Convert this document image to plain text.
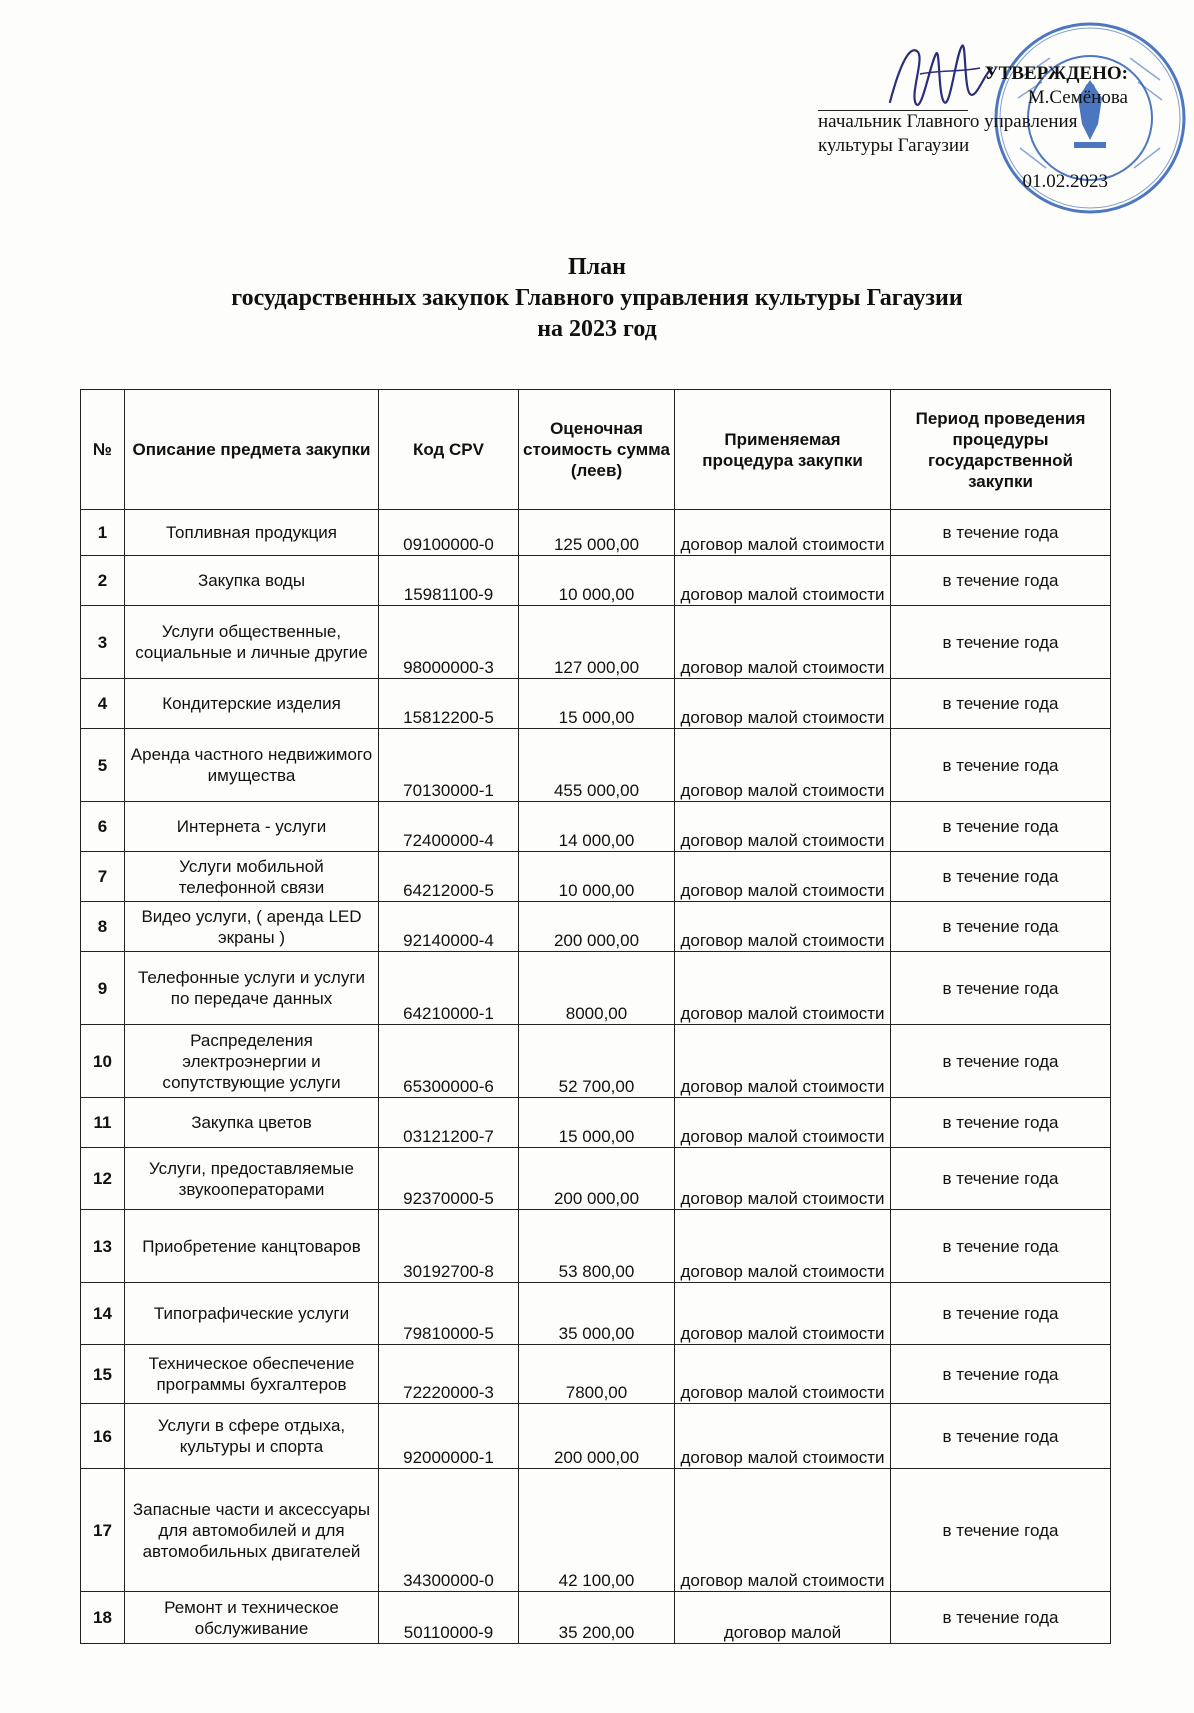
УТВЕРЖДЕНО:
М.Семёнова
начальник Главного управления
культуры Гагаузии
01.02.2023
План
государственных закупок Главного управления культуры Гагаузии
на 2023 год
№	Описание предмета закупки	Код CPV	Оценочная стоимость сумма (леев)	Применяемая процедура закупки	Период проведения процедуры государственной закупки
1	Топливная продукция	09100000-0	125 000,00	договор малой стоимости	в течение года
2	Закупка воды	15981100-9	10 000,00	договор малой стоимости	в течение года
3	Услуги общественные, социальные и личные другие	98000000-3	127 000,00	договор малой стоимости	в течение года
4	Кондитерские изделия	15812200-5	15 000,00	договор малой стоимости	в течение года
5	Аренда частного недвижимого имущества	70130000-1	455 000,00	договор малой стоимости	в течение года
6	Интернета - услуги	72400000-4	14 000,00	договор малой стоимости	в течение года
7	Услуги мобильной телефонной связи	64212000-5	10 000,00	договор малой стоимости	в течение года
8	Видео услуги, ( аренда LED экраны )	92140000-4	200 000,00	договор малой стоимости	в течение года
9	Телефонные услуги и услуги по передаче данных	64210000-1	8000,00	договор малой стоимости	в течение года
10	Распределения электроэнергии и сопутствующие услуги	65300000-6	52 700,00	договор малой стоимости	в течение года
11	Закупка цветов	03121200-7	15 000,00	договор малой стоимости	в течение года
12	Услуги, предоставляемые звукооператорами	92370000-5	200 000,00	договор малой стоимости	в течение года
13	Приобретение канцтоваров	30192700-8	53 800,00	договор малой стоимости	в течение года
14	Типографические услуги	79810000-5	35 000,00	договор малой стоимости	в течение года
15	Техническое обеспечение программы бухгалтеров	72220000-3	7800,00	договор малой стоимости	в течение года
16	Услуги в сфере отдыха, культуры и спорта	92000000-1	200 000,00	договор малой стоимости	в течение года
17	Запасные части и аксессуары для автомобилей и для автомобильных двигателей	34300000-0	42 100,00	договор малой стоимости	в течение года
18	Ремонт и техническое обслуживание	50110000-9	35 200,00	договор малой	в течение года
